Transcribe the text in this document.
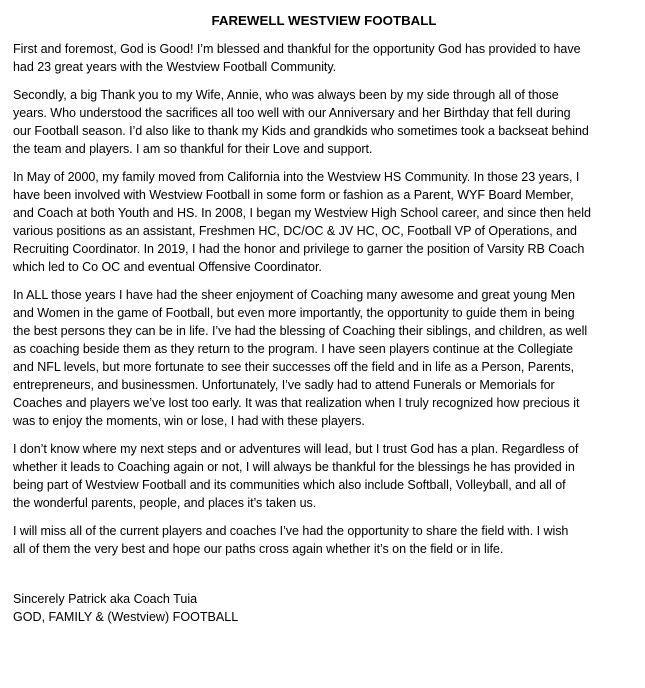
FAREWELL WESTVIEW FOOTBALL
First and foremost, God is Good! I’m blessed and thankful for the opportunity God has provided to have
had 23 great years with the Westview Football Community.
Secondly, a big Thank you to my Wife, Annie, who was always been by my side through all of those
years. Who understood the sacrifices all too well with our Anniversary and her Birthday that fell during
our Football season. I’d also like to thank my Kids and grandkids who sometimes took a backseat behind
the team and players. I am so thankful for their Love and support.
In May of 2000, my family moved from California into the Westview HS Community. In those 23 years, I
have been involved with Westview Football in some form or fashion as a Parent, WYF Board Member,
and Coach at both Youth and HS. In 2008, I began my Westview High School career, and since then held
various positions as an assistant, Freshmen HC, DC/OC & JV HC, OC, Football VP of Operations, and
Recruiting Coordinator. In 2019, I had the honor and privilege to garner the position of Varsity RB Coach
which led to Co OC and eventual Offensive Coordinator.
In ALL those years I have had the sheer enjoyment of Coaching many awesome and great young Men
and Women in the game of Football, but even more importantly, the opportunity to guide them in being
the best persons they can be in life. I’ve had the blessing of Coaching their siblings, and children, as well
as coaching beside them as they return to the program. I have seen players continue at the Collegiate
and NFL levels, but more fortunate to see their successes off the field and in life as a Person, Parents,
entrepreneurs, and businessmen. Unfortunately, I’ve sadly had to attend Funerals or Memorials for
Coaches and players we’ve lost too early. It was that realization when I truly recognized how precious it
was to enjoy the moments, win or lose, I had with these players.
I don’t know where my next steps and or adventures will lead, but I trust God has a plan. Regardless of
whether it leads to Coaching again or not, I will always be thankful for the blessings he has provided in
being part of Westview Football and its communities which also include Softball, Volleyball, and all of
the wonderful parents, people, and places it’s taken us.
I will miss all of the current players and coaches I’ve had the opportunity to share the field with. I wish
all of them the very best and hope our paths cross again whether it’s on the field or in life.
Sincerely Patrick aka Coach Tuia
GOD, FAMILY & (Westview) FOOTBALL
